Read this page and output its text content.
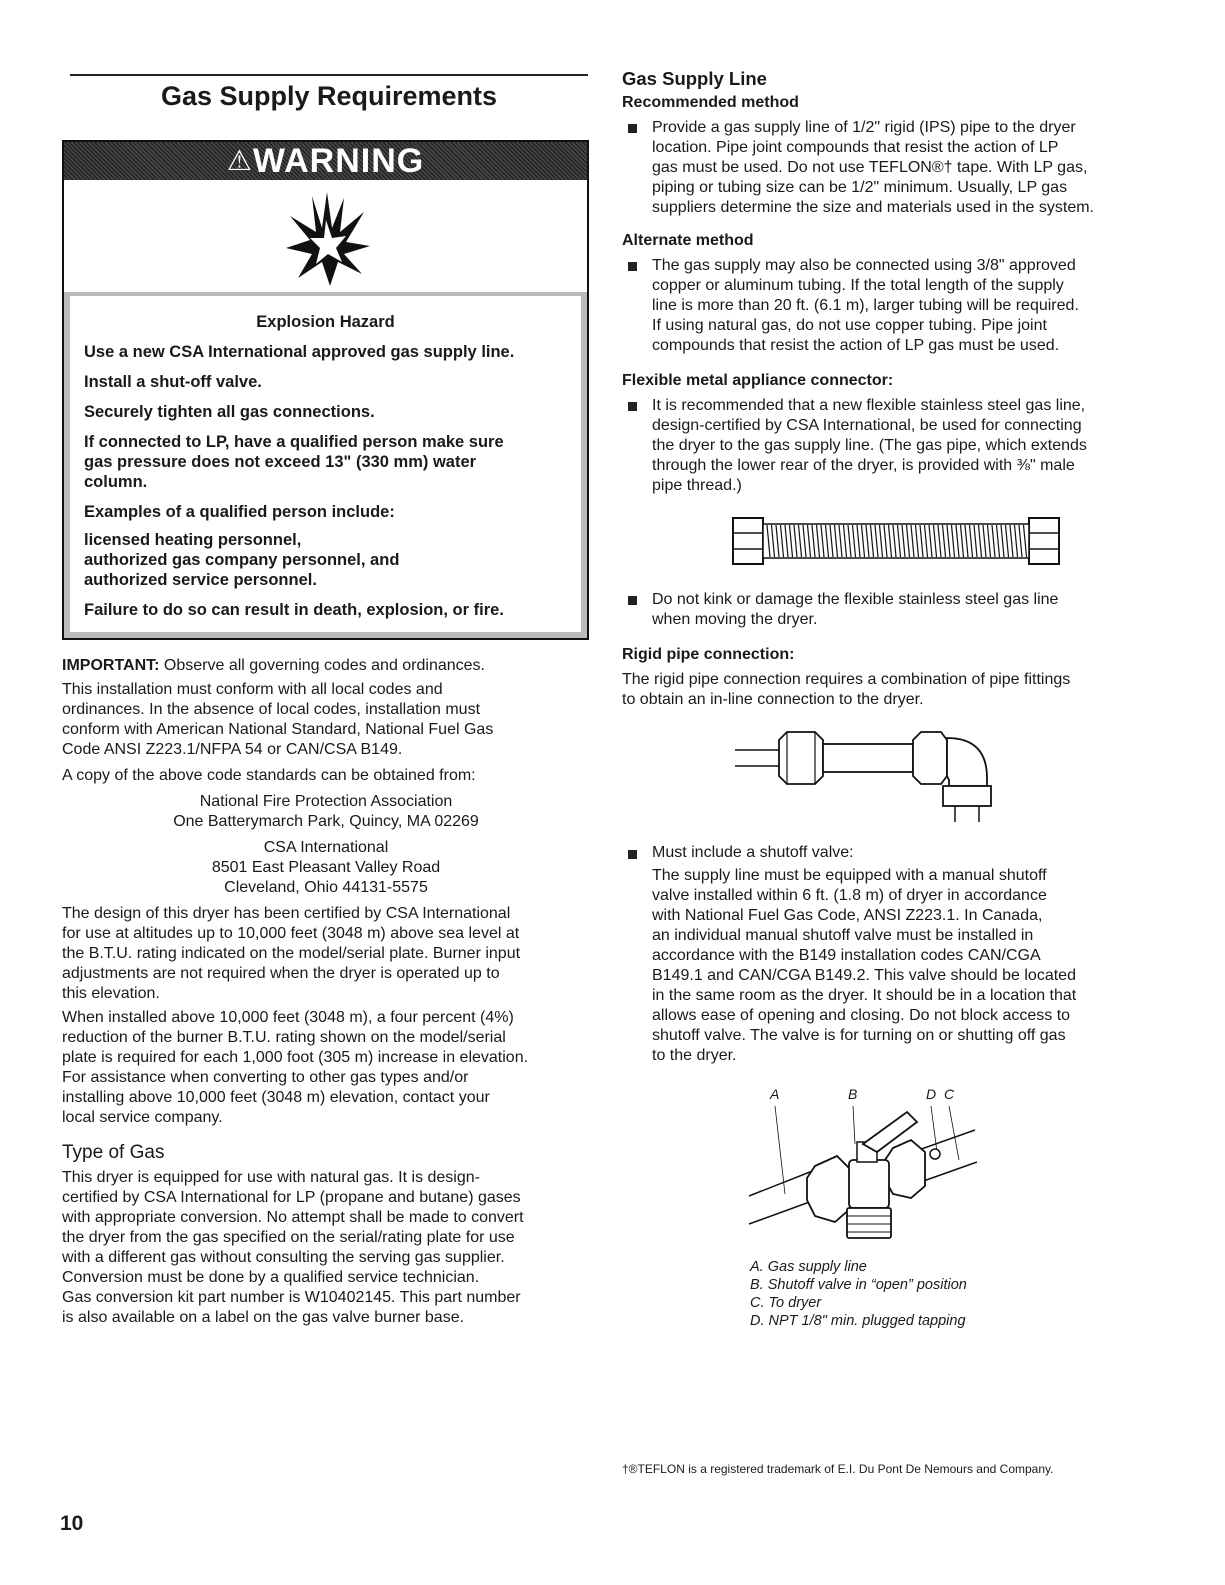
Gas Supply Requirements
⚠WARNING
Explosion Hazard
Use a new CSA International approved gas supply line.
Install a shut-off valve.
Securely tighten all gas connections.
If connected to LP, have a qualified person make sure
gas pressure does not exceed 13" (330 mm) water
column.
Examples of a qualified person include:
licensed heating personnel,
authorized gas company personnel, and
authorized service personnel.
Failure to do so can result in death, explosion, or fire.
IMPORTANT: Observe all governing codes and ordinances.

This installation must conform with all local codes and

ordinances. In the absence of local codes, installation must

conform with American National Standard, National Fuel Gas

Code ANSI Z223.1/NFPA 54 or CAN/CSA B149.

A copy of the above code standards can be obtained from:

National Fire Protection Association

One Batterymarch Park, Quincy, MA 02269

CSA International

8501 East Pleasant Valley Road

Cleveland, Ohio 44131-5575

The design of this dryer has been certified by CSA International

for use at altitudes up to 10,000 feet (3048 m) above sea level at

the B.T.U. rating indicated on the model/serial plate. Burner input

adjustments are not required when the dryer is operated up to

this elevation.

When installed above 10,000 feet (3048 m), a four percent (4%)

reduction of the burner B.T.U. rating shown on the model/serial

plate is required for each 1,000 foot (305 m) increase in elevation.

For assistance when converting to other gas types and/or

installing above 10,000 feet (3048 m) elevation, contact your

local service company.

Type of Gas

This dryer is equipped for use with natural gas. It is design-

certified by CSA International for LP (propane and butane) gases

with appropriate conversion. No attempt shall be made to convert

the dryer from the gas specified on the serial/rating plate for use

with a different gas without consulting the serving gas supplier.

Conversion must be done by a qualified service technician.

Gas conversion kit part number is W10402145. This part number

is also available on a label on the gas valve burner base.

Gas Supply Line
Recommended method

Provide a gas supply line of 1/2" rigid (IPS) pipe to the dryer

location. Pipe joint compounds that resist the action of LP

gas must be used. Do not use TEFLON®† tape. With LP gas,

piping or tubing size can be 1/2" minimum. Usually, LP gas

suppliers determine the size and materials used in the system.

Alternate method

The gas supply may also be connected using 3/8" approved

copper or aluminum tubing. If the total length of the supply

line is more than 20 ft. (6.1 m), larger tubing will be required.

If using natural gas, do not use copper tubing. Pipe joint

compounds that resist the action of LP gas must be used.

Flexible metal appliance connector:

It is recommended that a new flexible stainless steel gas line,

design-certified by CSA International, be used for connecting

the dryer to the gas supply line. (The gas pipe, which extends

through the lower rear of the dryer, is provided with ⅜" male

pipe thread.)

Do not kink or damage the flexible stainless steel gas line

when moving the dryer.

Rigid pipe connection:

The rigid pipe connection requires a combination of pipe fittings

to obtain an in-line connection to the dryer.

Must include a shutoff valve:

The supply line must be equipped with a manual shutoff

valve installed within 6 ft. (1.8 m) of dryer in accordance

with National Fuel Gas Code, ANSI Z223.1. In Canada,

an individual manual shutoff valve must be installed in

accordance with the B149 installation codes CAN/CGA

B149.1 and CAN/CGA B149.2. This valve should be located

in the same room as the dryer. It should be in a location that

allows ease of opening and closing. Do not block access to

shutoff valve. The valve is for turning on or shutting off gas

to the dryer.

A	B	D C
A. Gas supply line
B. Shutoff valve in “open” position
C. To dryer
D. NPT 1/8" min. plugged tapping
†®TEFLON is a registered trademark of E.I. Du Pont De Nemours and Company.
10
